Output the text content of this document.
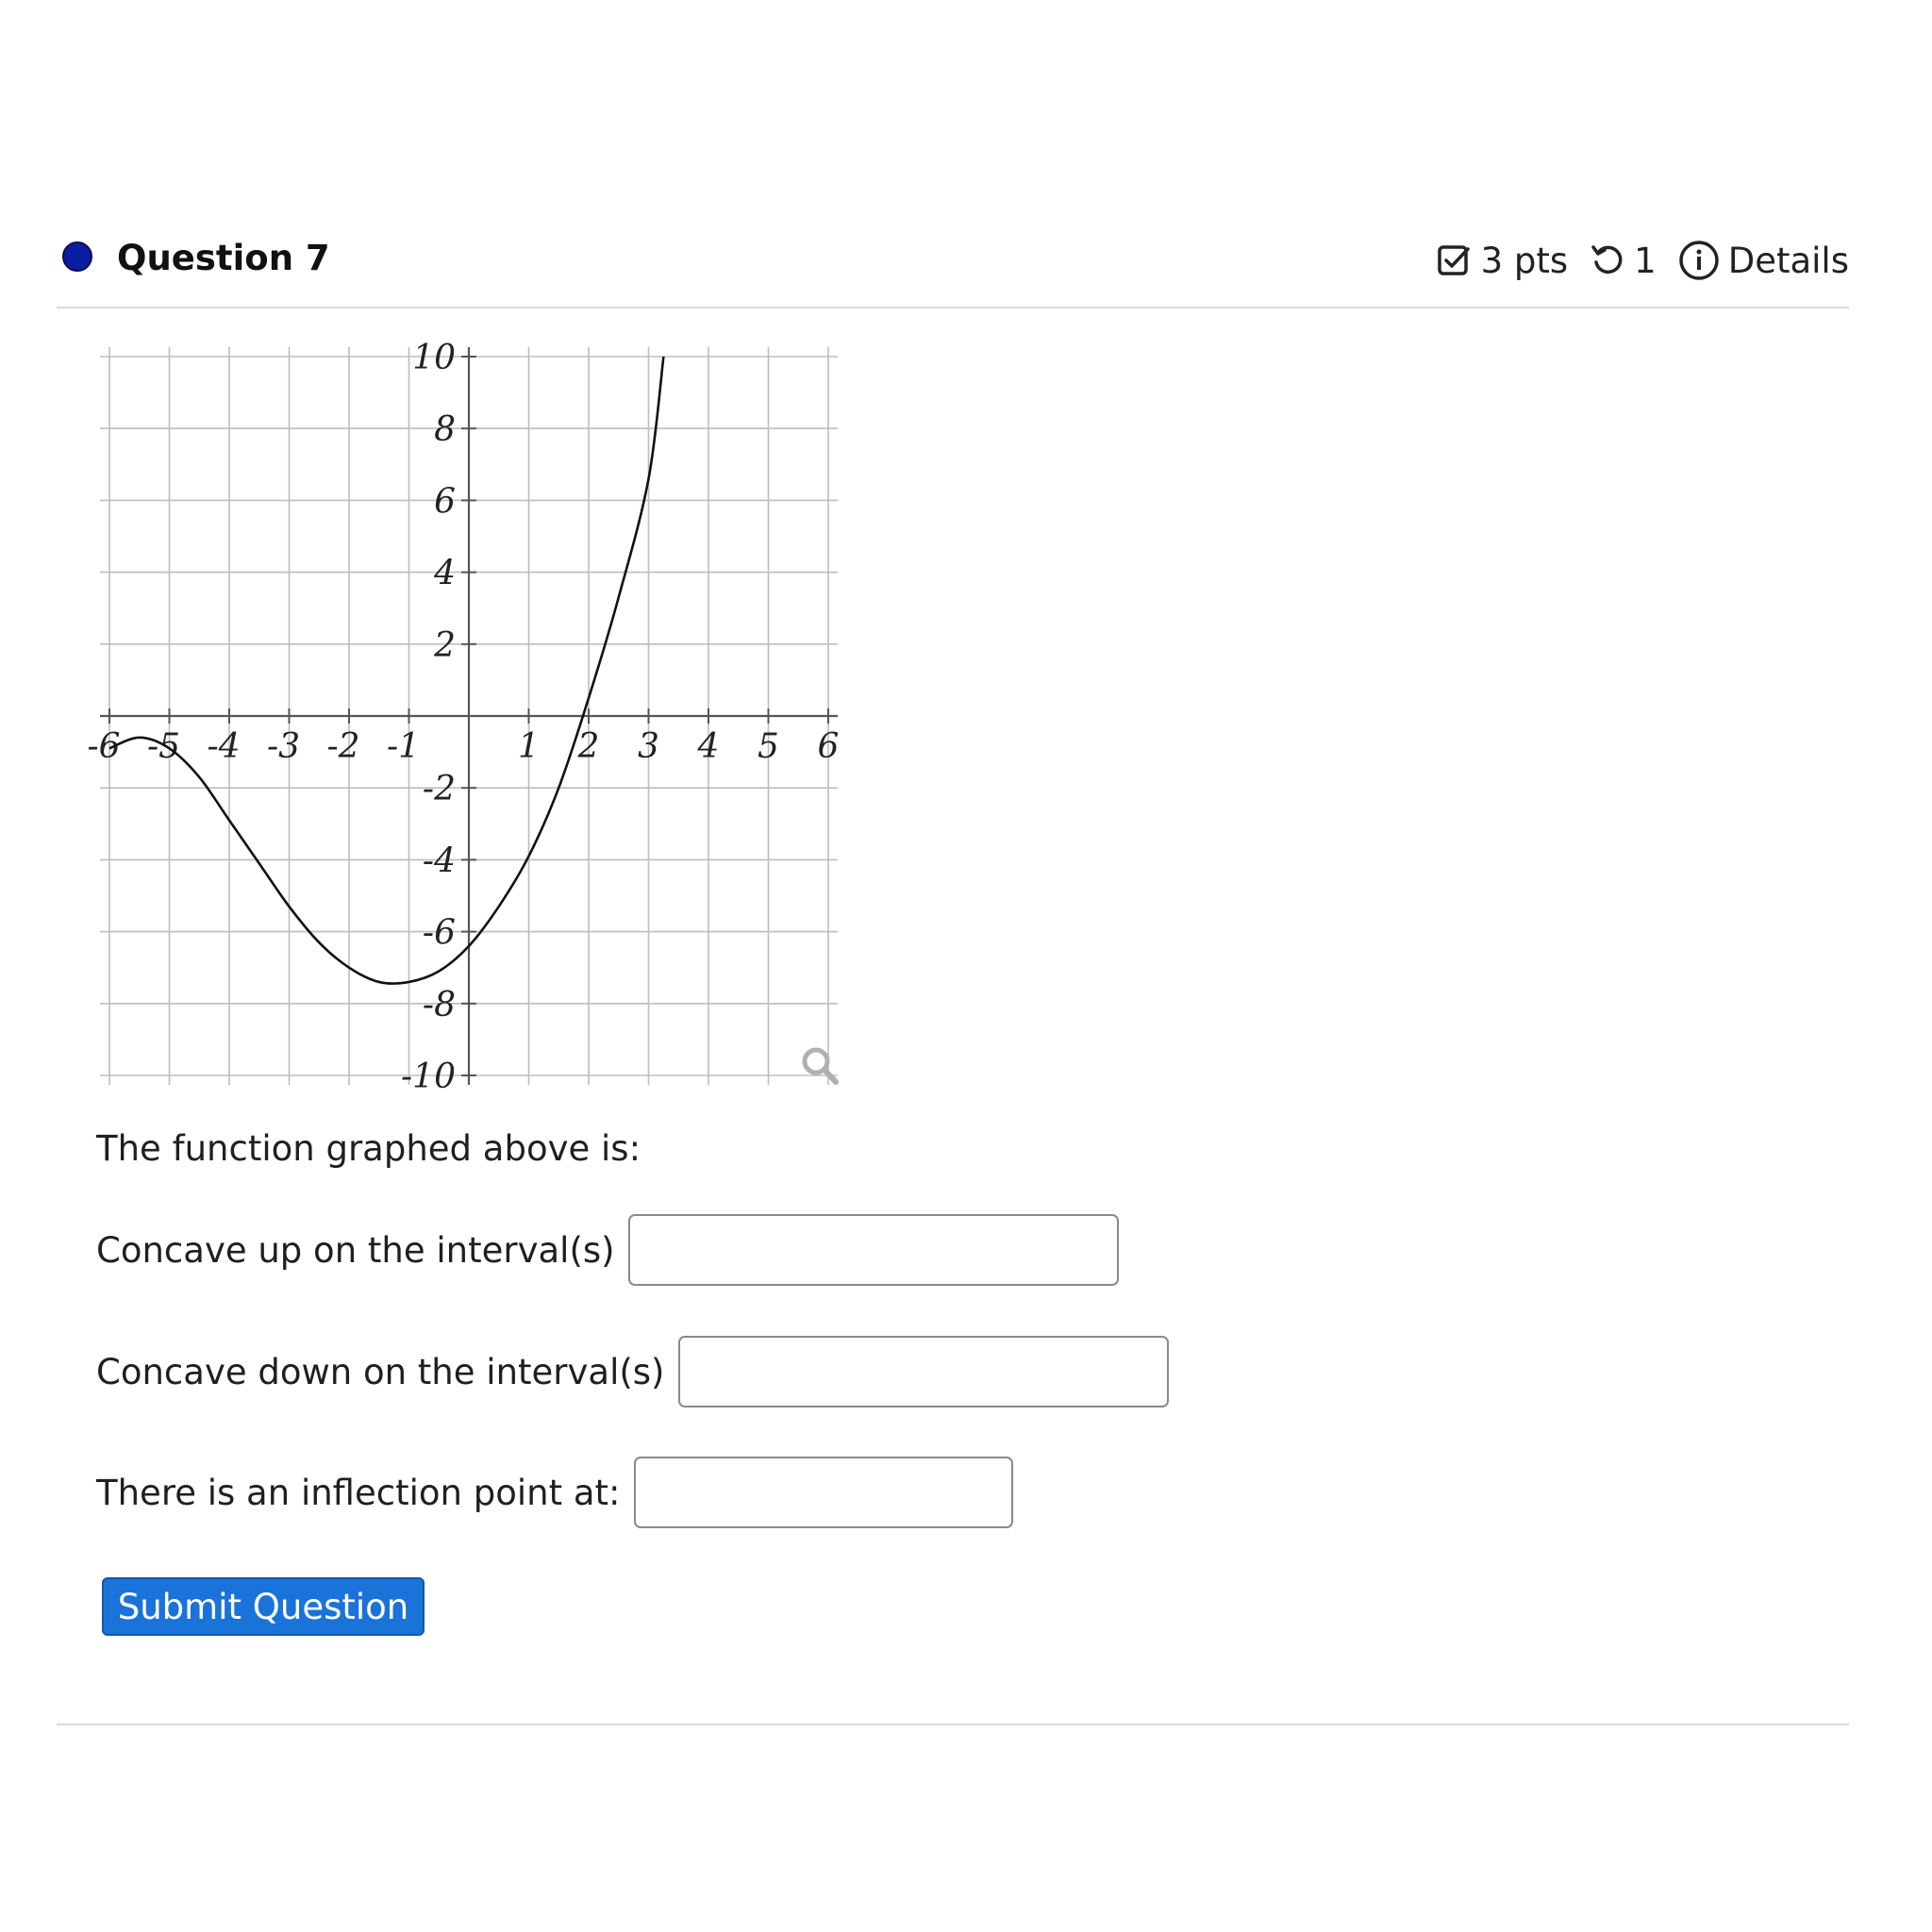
Question 7	3 pts 1 Details
-6 -5 -4 -3 -2 -1	1 2 3 4 5 6
10
8
6
4
2
-2
-4
-6
-8
-10
The function graphed above is:
Concave up on the interval(s)
Concave down on the interval(s)
There is an inflection point at:
Submit Question
